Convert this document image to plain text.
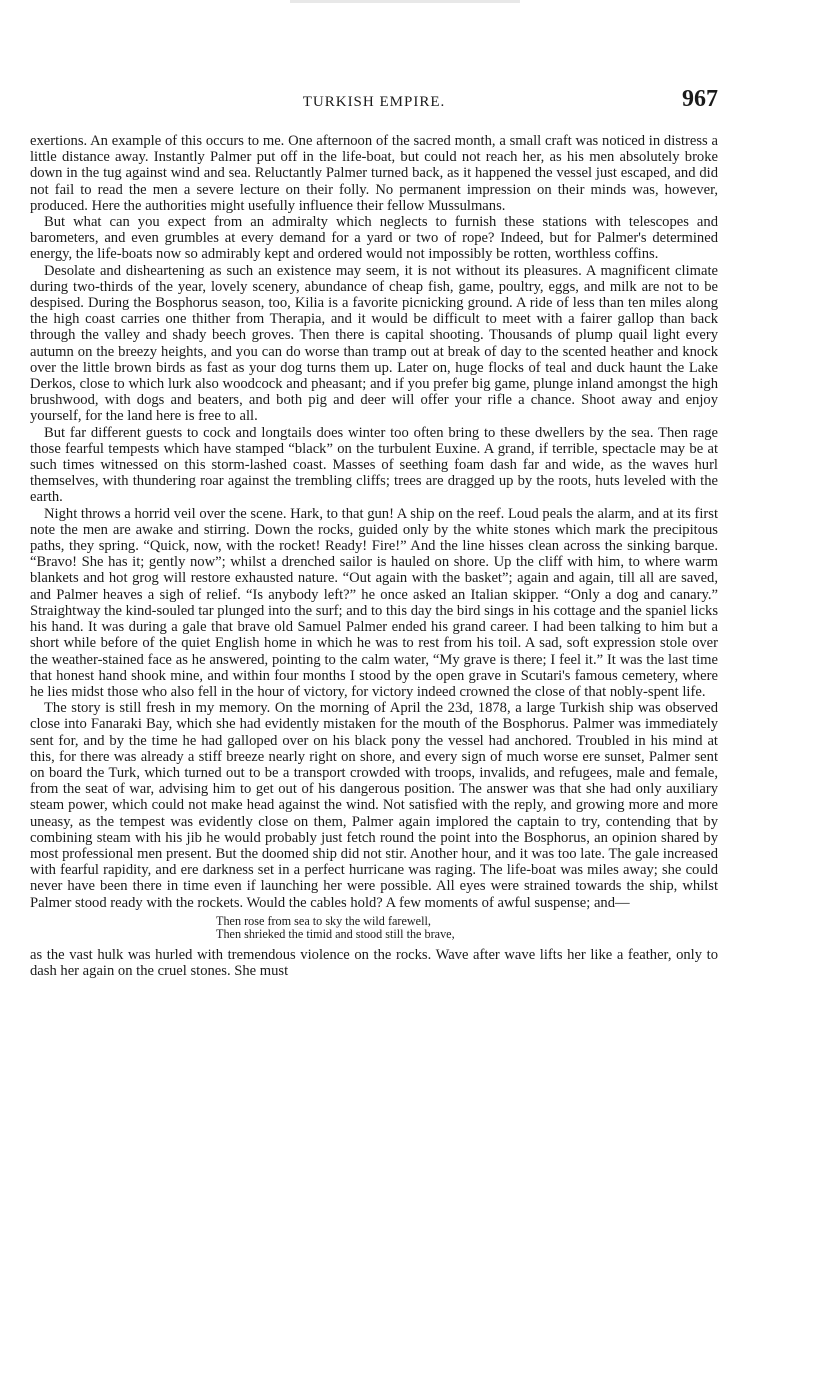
TURKISH EMPIRE.	967

exertions. An example of this occurs to me. One afternoon of the sacred month, a small craft was noticed in distress a little distance away. Instantly Palmer put off in the life-boat, but could not reach her, as his men absolutely broke down in the tug against wind and sea. Reluctantly Palmer turned back, as it happened the vessel just escaped, and did not fail to read the men a severe lecture on their folly. No permanent impression on their minds was, however, produced. Here the authorities might usefully influence their fellow Mussulmans.

But what can you expect from an admiralty which neglects to furnish these stations with telescopes and barometers, and even grumbles at every demand for a yard or two of rope? Indeed, but for Palmer's determined energy, the life-boats now so admirably kept and ordered would not impossibly be rotten, worthless coffins.

Desolate and disheartening as such an existence may seem, it is not without its pleasures. A magnificent climate during two-thirds of the year, lovely scenery, abundance of cheap fish, game, poultry, eggs, and milk are not to be despised. During the Bosphorus season, too, Kilia is a favorite picnicking ground. A ride of less than ten miles along the high coast carries one thither from Therapia, and it would be difficult to meet with a fairer gallop than back through the valley and shady beech groves. Then there is capital shooting. Thousands of plump quail light every autumn on the breezy heights, and you can do worse than tramp out at break of day to the scented heather and knock over the little brown birds as fast as your dog turns them up. Later on, huge flocks of teal and duck haunt the Lake Derkos, close to which lurk also woodcock and pheasant; and if you prefer big game, plunge inland amongst the high brushwood, with dogs and beaters, and both pig and deer will offer your rifle a chance. Shoot away and enjoy yourself, for the land here is free to all.

But far different guests to cock and longtails does winter too often bring to these dwellers by the sea. Then rage those fearful tempests which have stamped “black” on the turbulent Euxine. A grand, if terrible, spectacle may be at such times witnessed on this storm-lashed coast. Masses of seething foam dash far and wide, as the waves hurl themselves, with thundering roar against the trembling cliffs; trees are dragged up by the roots, huts leveled with the earth.

Night throws a horrid veil over the scene. Hark, to that gun! A ship on the reef. Loud peals the alarm, and at its first note the men are awake and stirring. Down the rocks, guided only by the white stones which mark the precipitous paths, they spring. “Quick, now, with the rocket! Ready! Fire!” And the line hisses clean across the sinking barque. “Bravo! She has it; gently now”; whilst a drenched sailor is hauled on shore. Up the cliff with him, to where warm blankets and hot grog will restore exhausted nature. “Out again with the basket”; again and again, till all are saved, and Palmer heaves a sigh of relief. “Is anybody left?” he once asked an Italian skipper. “Only a dog and canary.” Straightway the kind-souled tar plunged into the surf; and to this day the bird sings in his cottage and the spaniel licks his hand. It was during a gale that brave old Samuel Palmer ended his grand career. I had been talking to him but a short while before of the quiet English home in which he was to rest from his toil. A sad, soft expression stole over the weather-stained face as he answered, pointing to the calm water, “My grave is there; I feel it.” It was the last time that honest hand shook mine, and within four months I stood by the open grave in Scutari's famous cemetery, where he lies midst those who also fell in the hour of victory, for victory indeed crowned the close of that nobly-spent life.

The story is still fresh in my memory. On the morning of April the 23d, 1878, a large Turkish ship was observed close into Fanaraki Bay, which she had evidently mistaken for the mouth of the Bosphorus. Palmer was immediately sent for, and by the time he had galloped over on his black pony the vessel had anchored. Troubled in his mind at this, for there was already a stiff breeze nearly right on shore, and every sign of much worse ere sunset, Palmer sent on board the Turk, which turned out to be a transport crowded with troops, invalids, and refugees, male and female, from the seat of war, advising him to get out of his dangerous position. The answer was that she had only auxiliary steam power, which could not make head against the wind. Not satisfied with the reply, and growing more and more uneasy, as the tempest was evidently close on them, Palmer again implored the captain to try, contending that by combining steam with his jib he would probably just fetch round the point into the Bosphorus, an opinion shared by most professional men present. But the doomed ship did not stir. Another hour, and it was too late. The gale increased with fearful rapidity, and ere darkness set in a perfect hurricane was raging. The life-boat was miles away; she could never have been there in time even if launching her were possible. All eyes were strained towards the ship, whilst Palmer stood ready with the rockets. Would the cables hold? A few moments of awful suspense; and—

Then rose from sea to sky the wild farewell,
Then shrieked the timid and stood still the brave,

as the vast hulk was hurled with tremendous violence on the rocks. Wave after wave lifts her like a feather, only to dash her again on the cruel stones. She must
